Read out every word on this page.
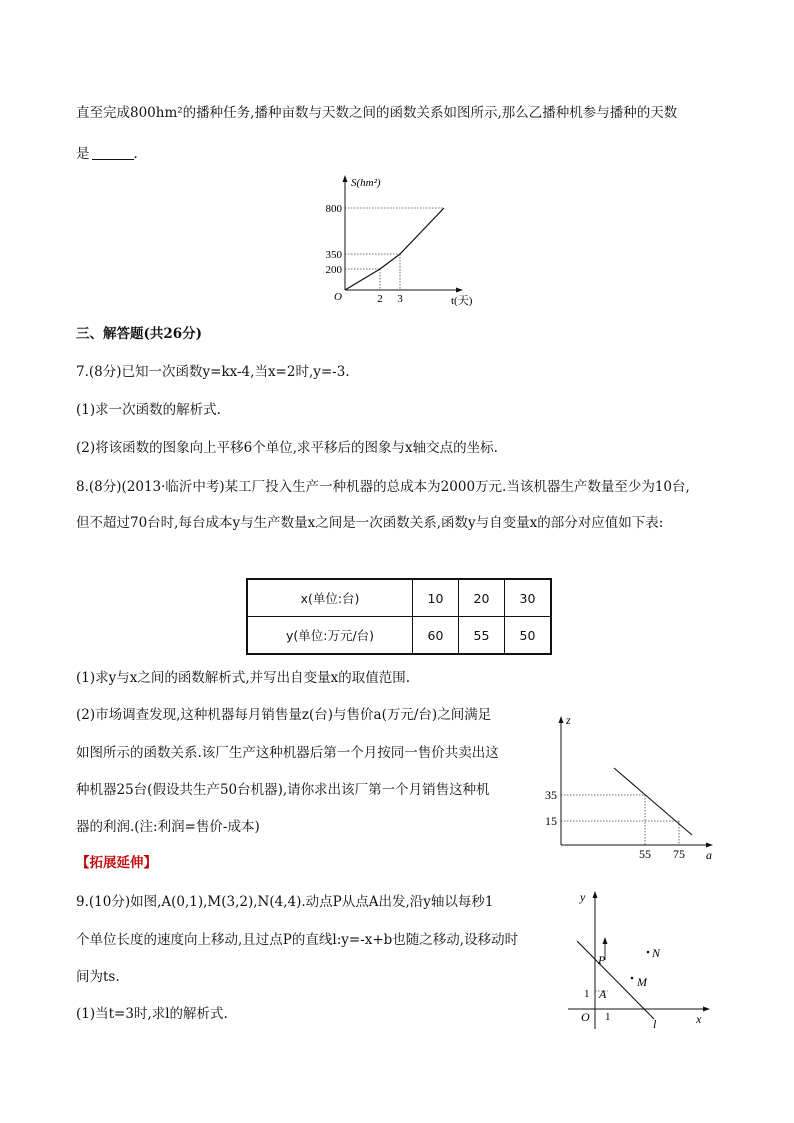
直至完成800hm²的播种任务,播种亩数与天数之间的函数关系如图所示,那么乙播种机参与播种的天数
是	.
S(hm²)
t(天)
O
800
350
200
2 3
三、解答题(共26分)
7.(8分)已知一次函数y=kx-4,当x=2时,y=-3.
(1)求一次函数的解析式.
(2)将该函数的图象向上平移6个单位,求平移后的图象与x轴交点的坐标.
8.(8分)(2013·临沂中考)某工厂投入生产一种机器的总成本为2000万元.当该机器生产数量至少为10台,
但不超过70台时,每台成本y与生产数量x之间是一次函数关系,函数y与自变量x的部分对应值如下表:
x(单位:台)	10	20	30
y(单位:万元/台)	60	55	50
(1)求y与x之间的函数解析式,并写出自变量x的取值范围.
(2)市场调查发现,这种机器每月销售量z(台)与售价a(万元/台)之间满足
如图所示的函数关系.该厂生产这种机器后第一个月按同一售价共卖出这
种机器25台(假设共生产50台机器),请你求出该厂第一个月销售这种机
器的利润.(注:利润=售价-成本)
z
a
35
15
55 75
【拓展延伸】
9.(10分)如图,A(0,1),M(3,2),N(4,4).动点P从点A出发,沿y轴以每秒1
个单位长度的速度向上移动,且过点P的直线l:y=-x+b也随之移动,设移动时
间为ts.
(1)当t=3时,求l的解析式.
y
x
O
1
1
P
A
M
N
l
